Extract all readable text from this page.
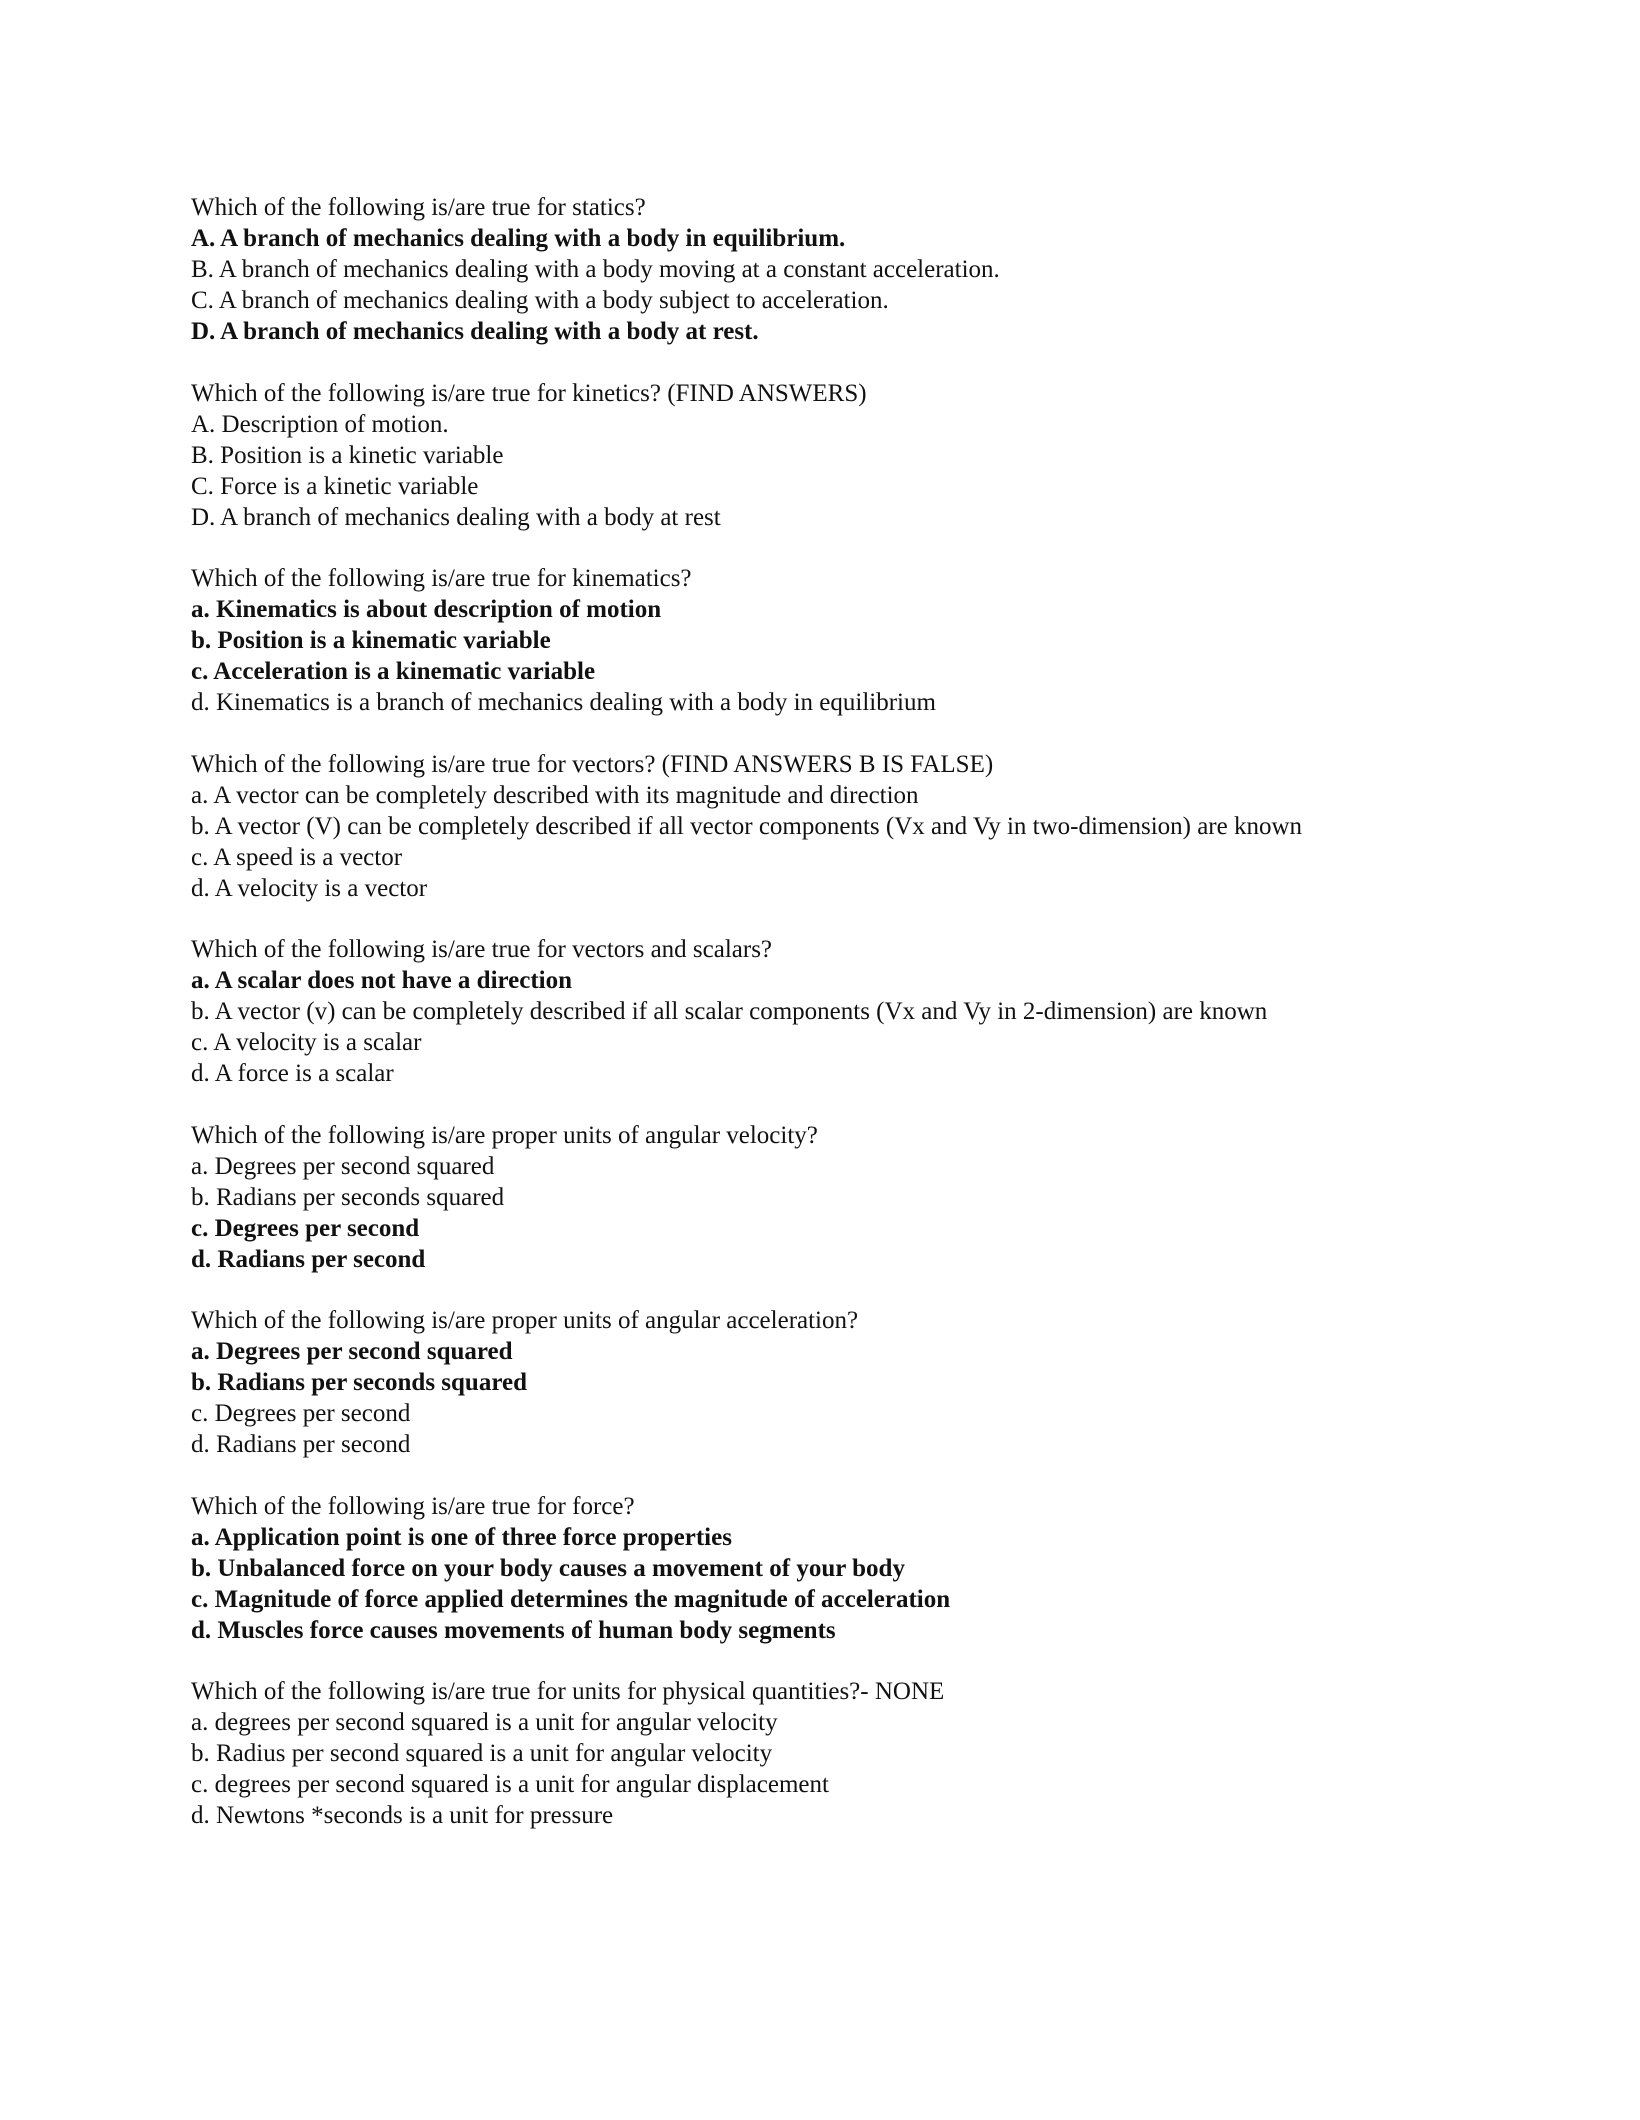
Which of the following is/are true for statics?
A. A branch of mechanics dealing with a body in equilibrium.
B. A branch of mechanics dealing with a body moving at a constant acceleration.
C. A branch of mechanics dealing with a body subject to acceleration.
D. A branch of mechanics dealing with a body at rest.
Which of the following is/are true for kinetics? (FIND ANSWERS)
A. Description of motion.
B. Position is a kinetic variable
C. Force is a kinetic variable
D. A branch of mechanics dealing with a body at rest
Which of the following is/are true for kinematics?
a. Kinematics is about description of motion
b. Position is a kinematic variable
c. Acceleration is a kinematic variable
d. Kinematics is a branch of mechanics dealing with a body in equilibrium
Which of the following is/are true for vectors? (FIND ANSWERS B IS FALSE)
a. A vector can be completely described with its magnitude and direction
b. A vector (V) can be completely described if all vector components (Vx and Vy in two-dimension) are known
c. A speed is a vector
d. A velocity is a vector
Which of the following is/are true for vectors and scalars?
a. A scalar does not have a direction
b. A vector (v) can be completely described if all scalar components (Vx and Vy in 2-dimension) are known
c. A velocity is a scalar
d. A force is a scalar
Which of the following is/are proper units of angular velocity?
a. Degrees per second squared
b. Radians per seconds squared
c. Degrees per second
d. Radians per second
Which of the following is/are proper units of angular acceleration?
a. Degrees per second squared
b. Radians per seconds squared
c. Degrees per second
d. Radians per second
Which of the following is/are true for force?
a. Application point is one of three force properties
b. Unbalanced force on your body causes a movement of your body
c. Magnitude of force applied determines the magnitude of acceleration
d. Muscles force causes movements of human body segments
Which of the following is/are true for units for physical quantities?- NONE
a. degrees per second squared is a unit for angular velocity
b. Radius per second squared is a unit for angular velocity
c. degrees per second squared is a unit for angular displacement
d. Newtons *seconds is a unit for pressure
